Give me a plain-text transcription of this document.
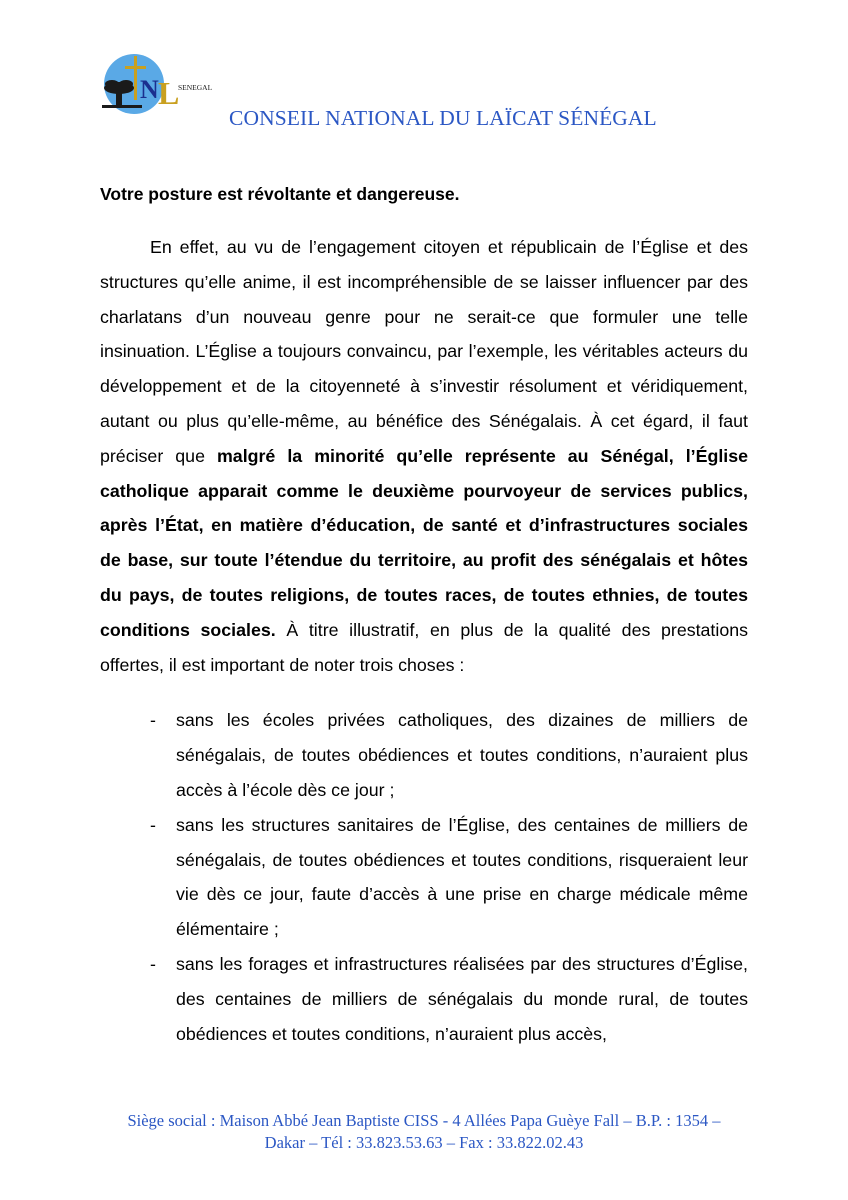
N L
SENEGAL
CONSEIL NATIONAL DU LAÏCAT SÉNÉGAL
Votre posture est révoltante et dangereuse.

En effet, au vu de l’engagement citoyen et républicain de l’Église et des structures qu’elle anime, il est incompréhensible de se laisser influencer par des charlatans d’un nouveau genre pour ne serait-ce que formuler une telle insinuation. L’Église a toujours convaincu, par l’exemple, les véritables acteurs du développement et de la citoyenneté à s’investir résolument et véridiquement, autant ou plus qu’elle-même, au bénéfice des Sénégalais. À cet égard, il faut préciser que malgré la minorité qu’elle représente au Sénégal, l’Église catholique apparait comme le deuxième pourvoyeur de services publics, après l’État, en matière d’éducation, de santé et d’infrastructures sociales de base, sur toute l’étendue du territoire, au profit des sénégalais et hôtes du pays, de toutes religions, de toutes races, de toutes ethnies, de toutes conditions sociales. À titre illustratif, en plus de la qualité des prestations offertes, il est important de noter trois choses :

- sans les écoles privées catholiques, des dizaines de milliers de sénégalais, de toutes obédiences et toutes conditions, n’auraient plus accès à l’école dès ce jour ;
- sans les structures sanitaires de l’Église, des centaines de milliers de sénégalais, de toutes obédiences et toutes conditions, risqueraient leur vie dès ce jour, faute d’accès à une prise en charge médicale même élémentaire ;
- sans les forages et infrastructures réalisées par des structures d’Église, des centaines de milliers de sénégalais du monde rural, de toutes obédiences et toutes conditions, n’auraient plus accès,
Siège social : Maison Abbé Jean Baptiste CISS - 4 Allées Papa Guèye Fall – B.P. : 1354 –
Dakar – Tél : 33.823.53.63 – Fax : 33.822.02.43
